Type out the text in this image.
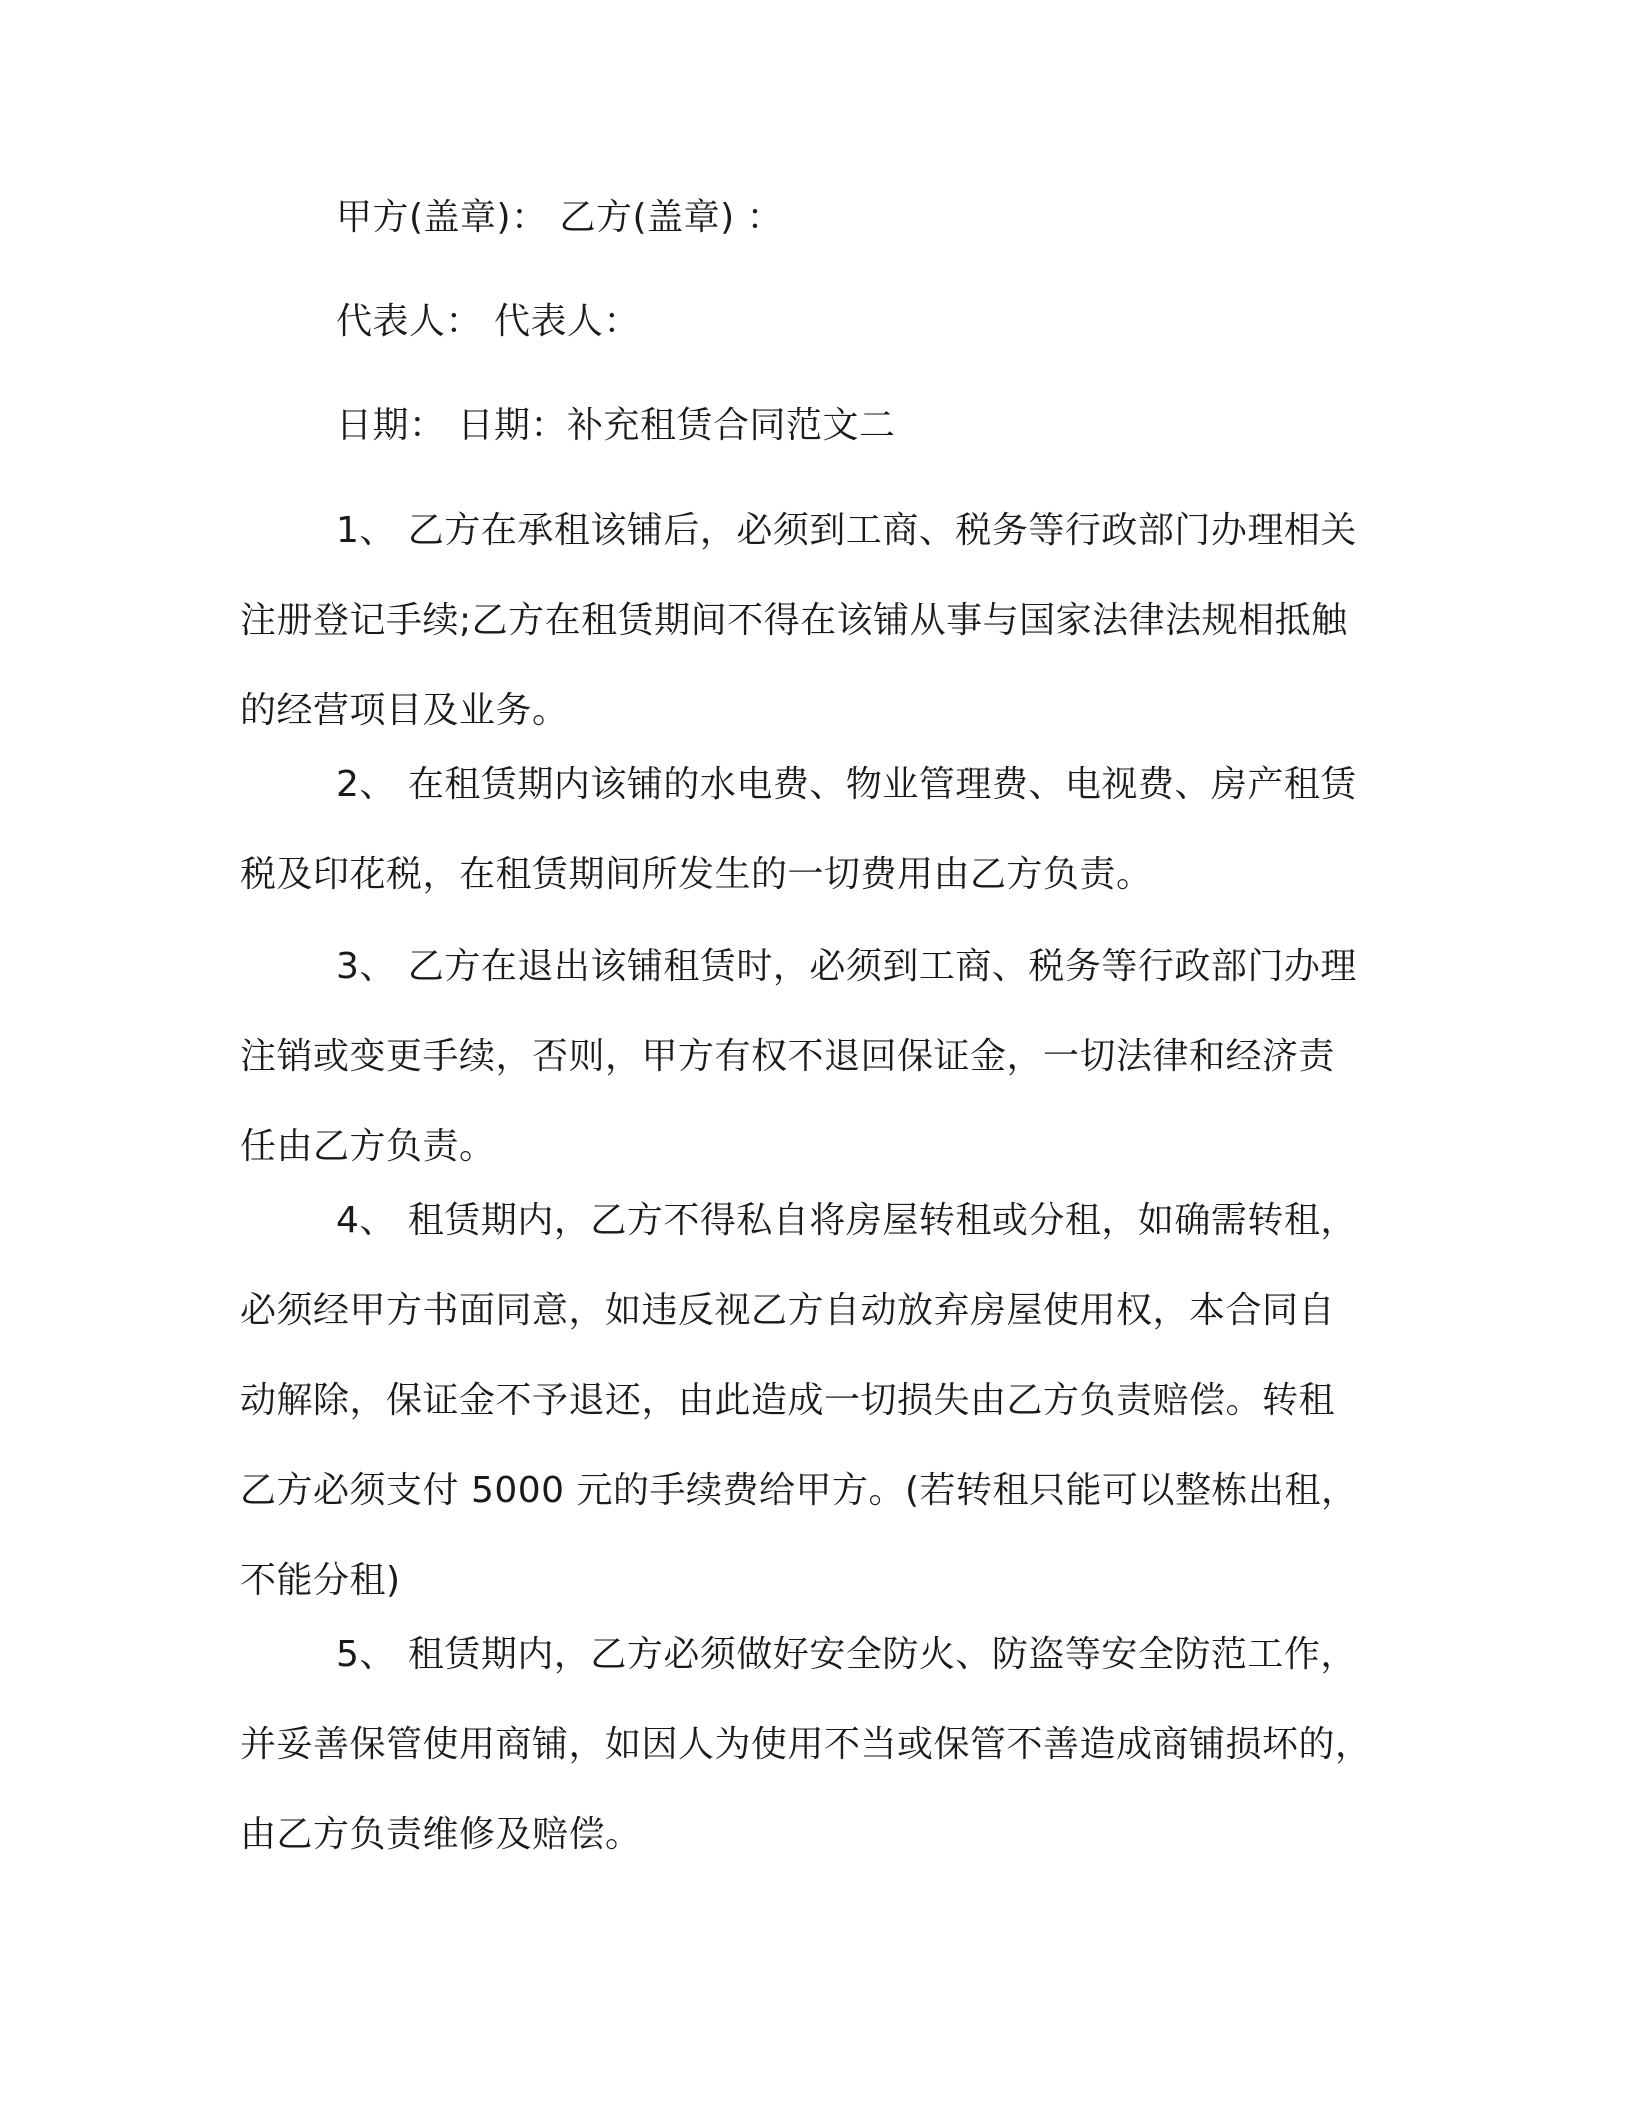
甲方(盖章)： 乙方(盖章) ：
代表人： 代表人：
日期： 日期：补充租赁合同范文二
1、 乙方在承租该铺后，必须到工商、税务等行政部门办理相关
注册登记手续;乙方在租赁期间不得在该铺从事与国家法律法规相抵触
的经营项目及业务。
2、 在租赁期内该铺的水电费、物业管理费、电视费、房产租赁
税及印花税，在租赁期间所发生的一切费用由乙方负责。
3、 乙方在退出该铺租赁时，必须到工商、税务等行政部门办理
注销或变更手续，否则，甲方有权不退回保证金，一切法律和经济责
任由乙方负责。
4、 租赁期内，乙方不得私自将房屋转租或分租，如确需转租，
必须经甲方书面同意，如违反视乙方自动放弃房屋使用权，本合同自
动解除，保证金不予退还，由此造成一切损失由乙方负责赔偿。转租
乙方必须支付 5000 元的手续费给甲方。(若转租只能可以整栋出租，
不能分租)
5、 租赁期内，乙方必须做好安全防火、防盗等安全防范工作，
并妥善保管使用商铺，如因人为使用不当或保管不善造成商铺损坏的，
由乙方负责维修及赔偿。
